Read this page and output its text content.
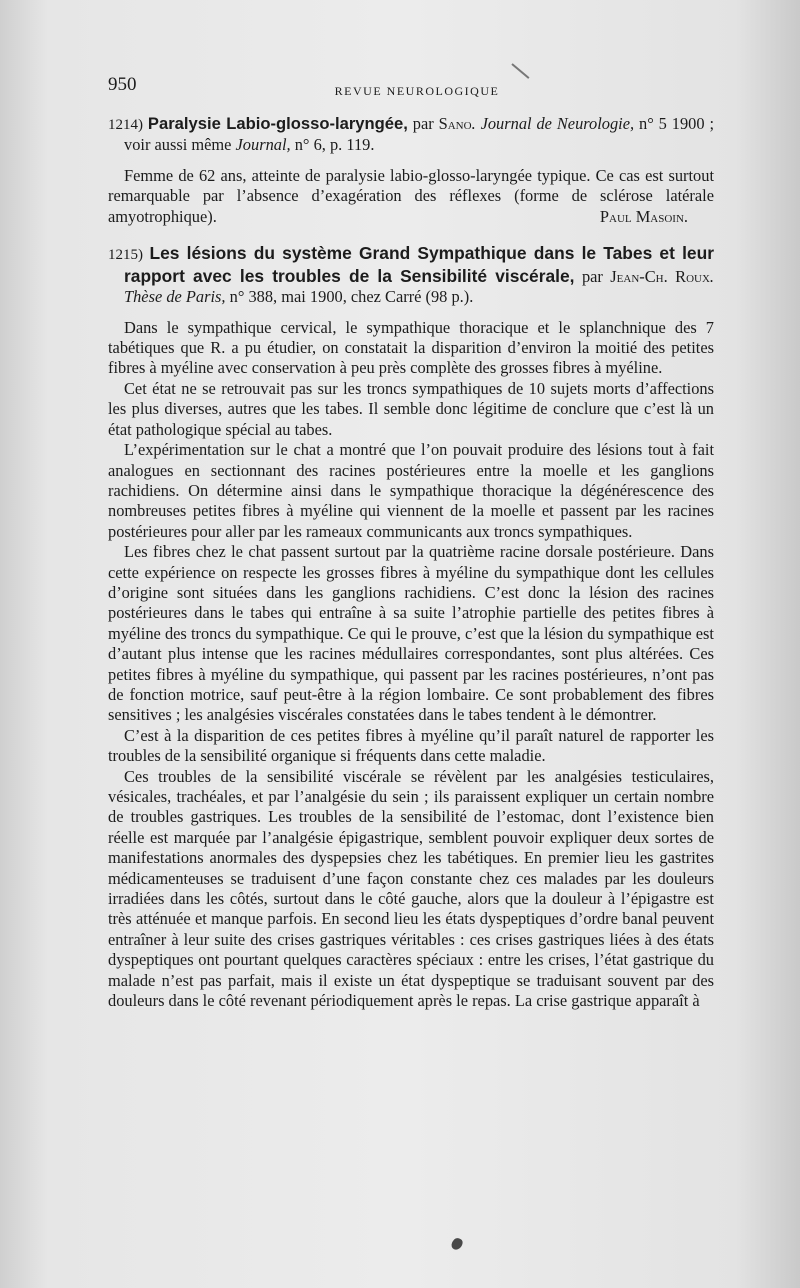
950	REVUE NEUROLOGIQUE

1214) Paralysie Labio-glosso-laryngée, par Sano. Journal de Neurologie, n° 5 1900 ; voir aussi même Journal, n° 6, p. 119.

Femme de 62 ans, atteinte de paralysie labio-glosso-laryngée typique. Ce cas est surtout remarquable par l’absence d’exagération des réflexes (forme de sclérose latérale amyotrophique).	Paul Masoin.

1215) Les lésions du système Grand Sympathique dans le Tabes et leur rapport avec les troubles de la Sensibilité viscérale, par Jean-Ch. Roux. Thèse de Paris, n° 388, mai 1900, chez Carré (98 p.).

Dans le sympathique cervical, le sympathique thoracique et le splanchnique des 7 tabétiques que R. a pu étudier, on constatait la disparition d’environ la moitié des petites fibres à myéline avec conservation à peu près complète des grosses fibres à myéline.

Cet état ne se retrouvait pas sur les troncs sympathiques de 10 sujets morts d’affections les plus diverses, autres que les tabes. Il semble donc légitime de conclure que c’est là un état pathologique spécial au tabes.

L’expérimentation sur le chat a montré que l’on pouvait produire des lésions tout à fait analogues en sectionnant des racines postérieures entre la moelle et les ganglions rachidiens. On détermine ainsi dans le sympathique thoracique la dégénérescence des nombreuses petites fibres à myéline qui viennent de la moelle et passent par les racines postérieures pour aller par les rameaux communicants aux troncs sympathiques.

Les fibres chez le chat passent surtout par la quatrième racine dorsale postérieure. Dans cette expérience on respecte les grosses fibres à myéline du sympathique dont les cellules d’origine sont situées dans les ganglions rachidiens. C’est donc la lésion des racines postérieures dans le tabes qui entraîne à sa suite l’atrophie partielle des petites fibres à myéline des troncs du sympathique. Ce qui le prouve, c’est que la lésion du sympathique est d’autant plus intense que les racines médullaires correspondantes, sont plus altérées. Ces petites fibres à myéline du sympathique, qui passent par les racines postérieures, n’ont pas de fonction motrice, sauf peut-être à la région lombaire. Ce sont probablement des fibres sensitives ; les analgésies viscérales constatées dans le tabes tendent à le démontrer.

C’est à la disparition de ces petites fibres à myéline qu’il paraît naturel de rapporter les troubles de la sensibilité organique si fréquents dans cette maladie.

Ces troubles de la sensibilité viscérale se révèlent par les analgésies testiculaires, vésicales, trachéales, et par l’analgésie du sein ; ils paraissent expliquer un certain nombre de troubles gastriques. Les troubles de la sensibilité de l’estomac, dont l’existence bien réelle est marquée par l’analgésie épigastrique, semblent pouvoir expliquer deux sortes de manifestations anormales des dyspepsies chez les tabétiques. En premier lieu les gastrites médicamenteuses se traduisent d’une façon constante chez ces malades par les douleurs irradiées dans les côtés, surtout dans le côté gauche, alors que la douleur à l’épigastre est très atténuée et manque parfois. En second lieu les états dyspeptiques d’ordre banal peuvent entraîner à leur suite des crises gastriques véritables : ces crises gastriques liées à des états dyspeptiques ont pourtant quelques caractères spéciaux : entre les crises, l’état gastrique du malade n’est pas parfait, mais il existe un état dyspeptique se traduisant souvent par des douleurs dans le côté revenant périodiquement après le repas. La crise gastrique apparaît à
